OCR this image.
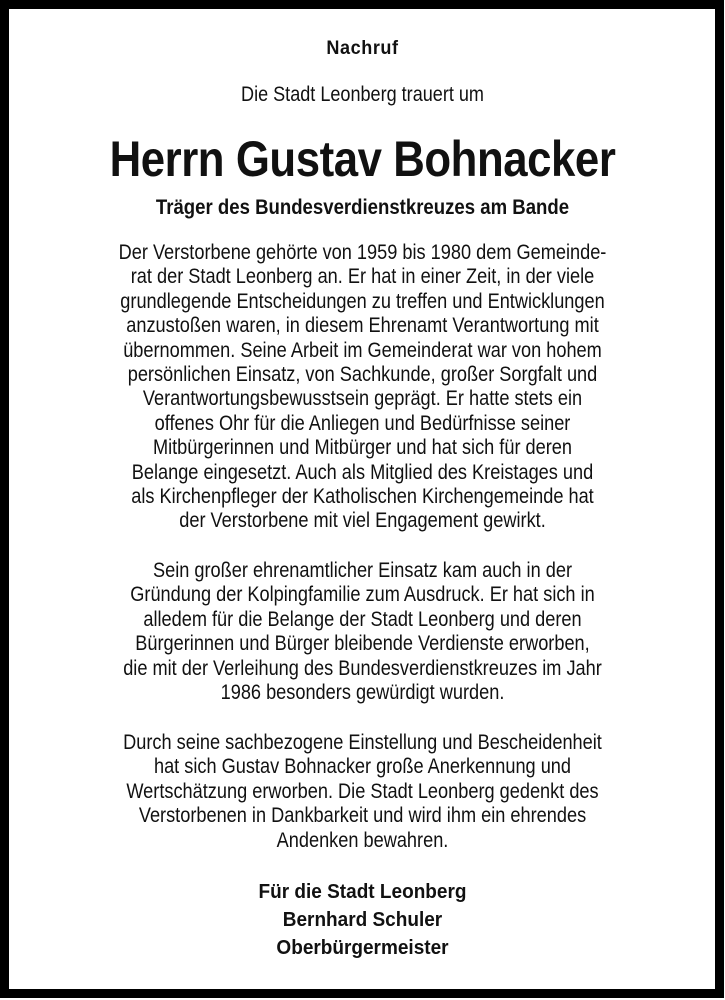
Nachruf
Die Stadt Leonberg trauert um
Herrn Gustav Bohnacker
Träger des Bundesverdienstkreuzes am Bande
Der Verstorbene gehörte von 1959 bis 1980 dem Gemeinde-
rat der Stadt Leonberg an. Er hat in einer Zeit, in der viele
grundlegende Entscheidungen zu treffen und Entwicklungen
anzustoßen waren, in diesem Ehrenamt Verantwortung mit
übernommen. Seine Arbeit im Gemeinderat war von hohem
persönlichen Einsatz, von Sachkunde, großer Sorgfalt und
Verantwortungsbewusstsein geprägt. Er hatte stets ein
offenes Ohr für die Anliegen und Bedürfnisse seiner
Mitbürgerinnen und Mitbürger und hat sich für deren
Belange eingesetzt. Auch als Mitglied des Kreistages und
als Kirchenpfleger der Katholischen Kirchengemeinde hat
der Verstorbene mit viel Engagement gewirkt.
Sein großer ehrenamtlicher Einsatz kam auch in der
Gründung der Kolpingfamilie zum Ausdruck. Er hat sich in
alledem für die Belange der Stadt Leonberg und deren
Bürgerinnen und Bürger bleibende Verdienste erworben,
die mit der Verleihung des Bundesverdienstkreuzes im Jahr
1986 besonders gewürdigt wurden.
Durch seine sachbezogene Einstellung und Bescheidenheit
hat sich Gustav Bohnacker große Anerkennung und
Wertschätzung erworben. Die Stadt Leonberg gedenkt des
Verstorbenen in Dankbarkeit und wird ihm ein ehrendes
Andenken bewahren.
Für die Stadt Leonberg
Bernhard Schuler
Oberbürgermeister
